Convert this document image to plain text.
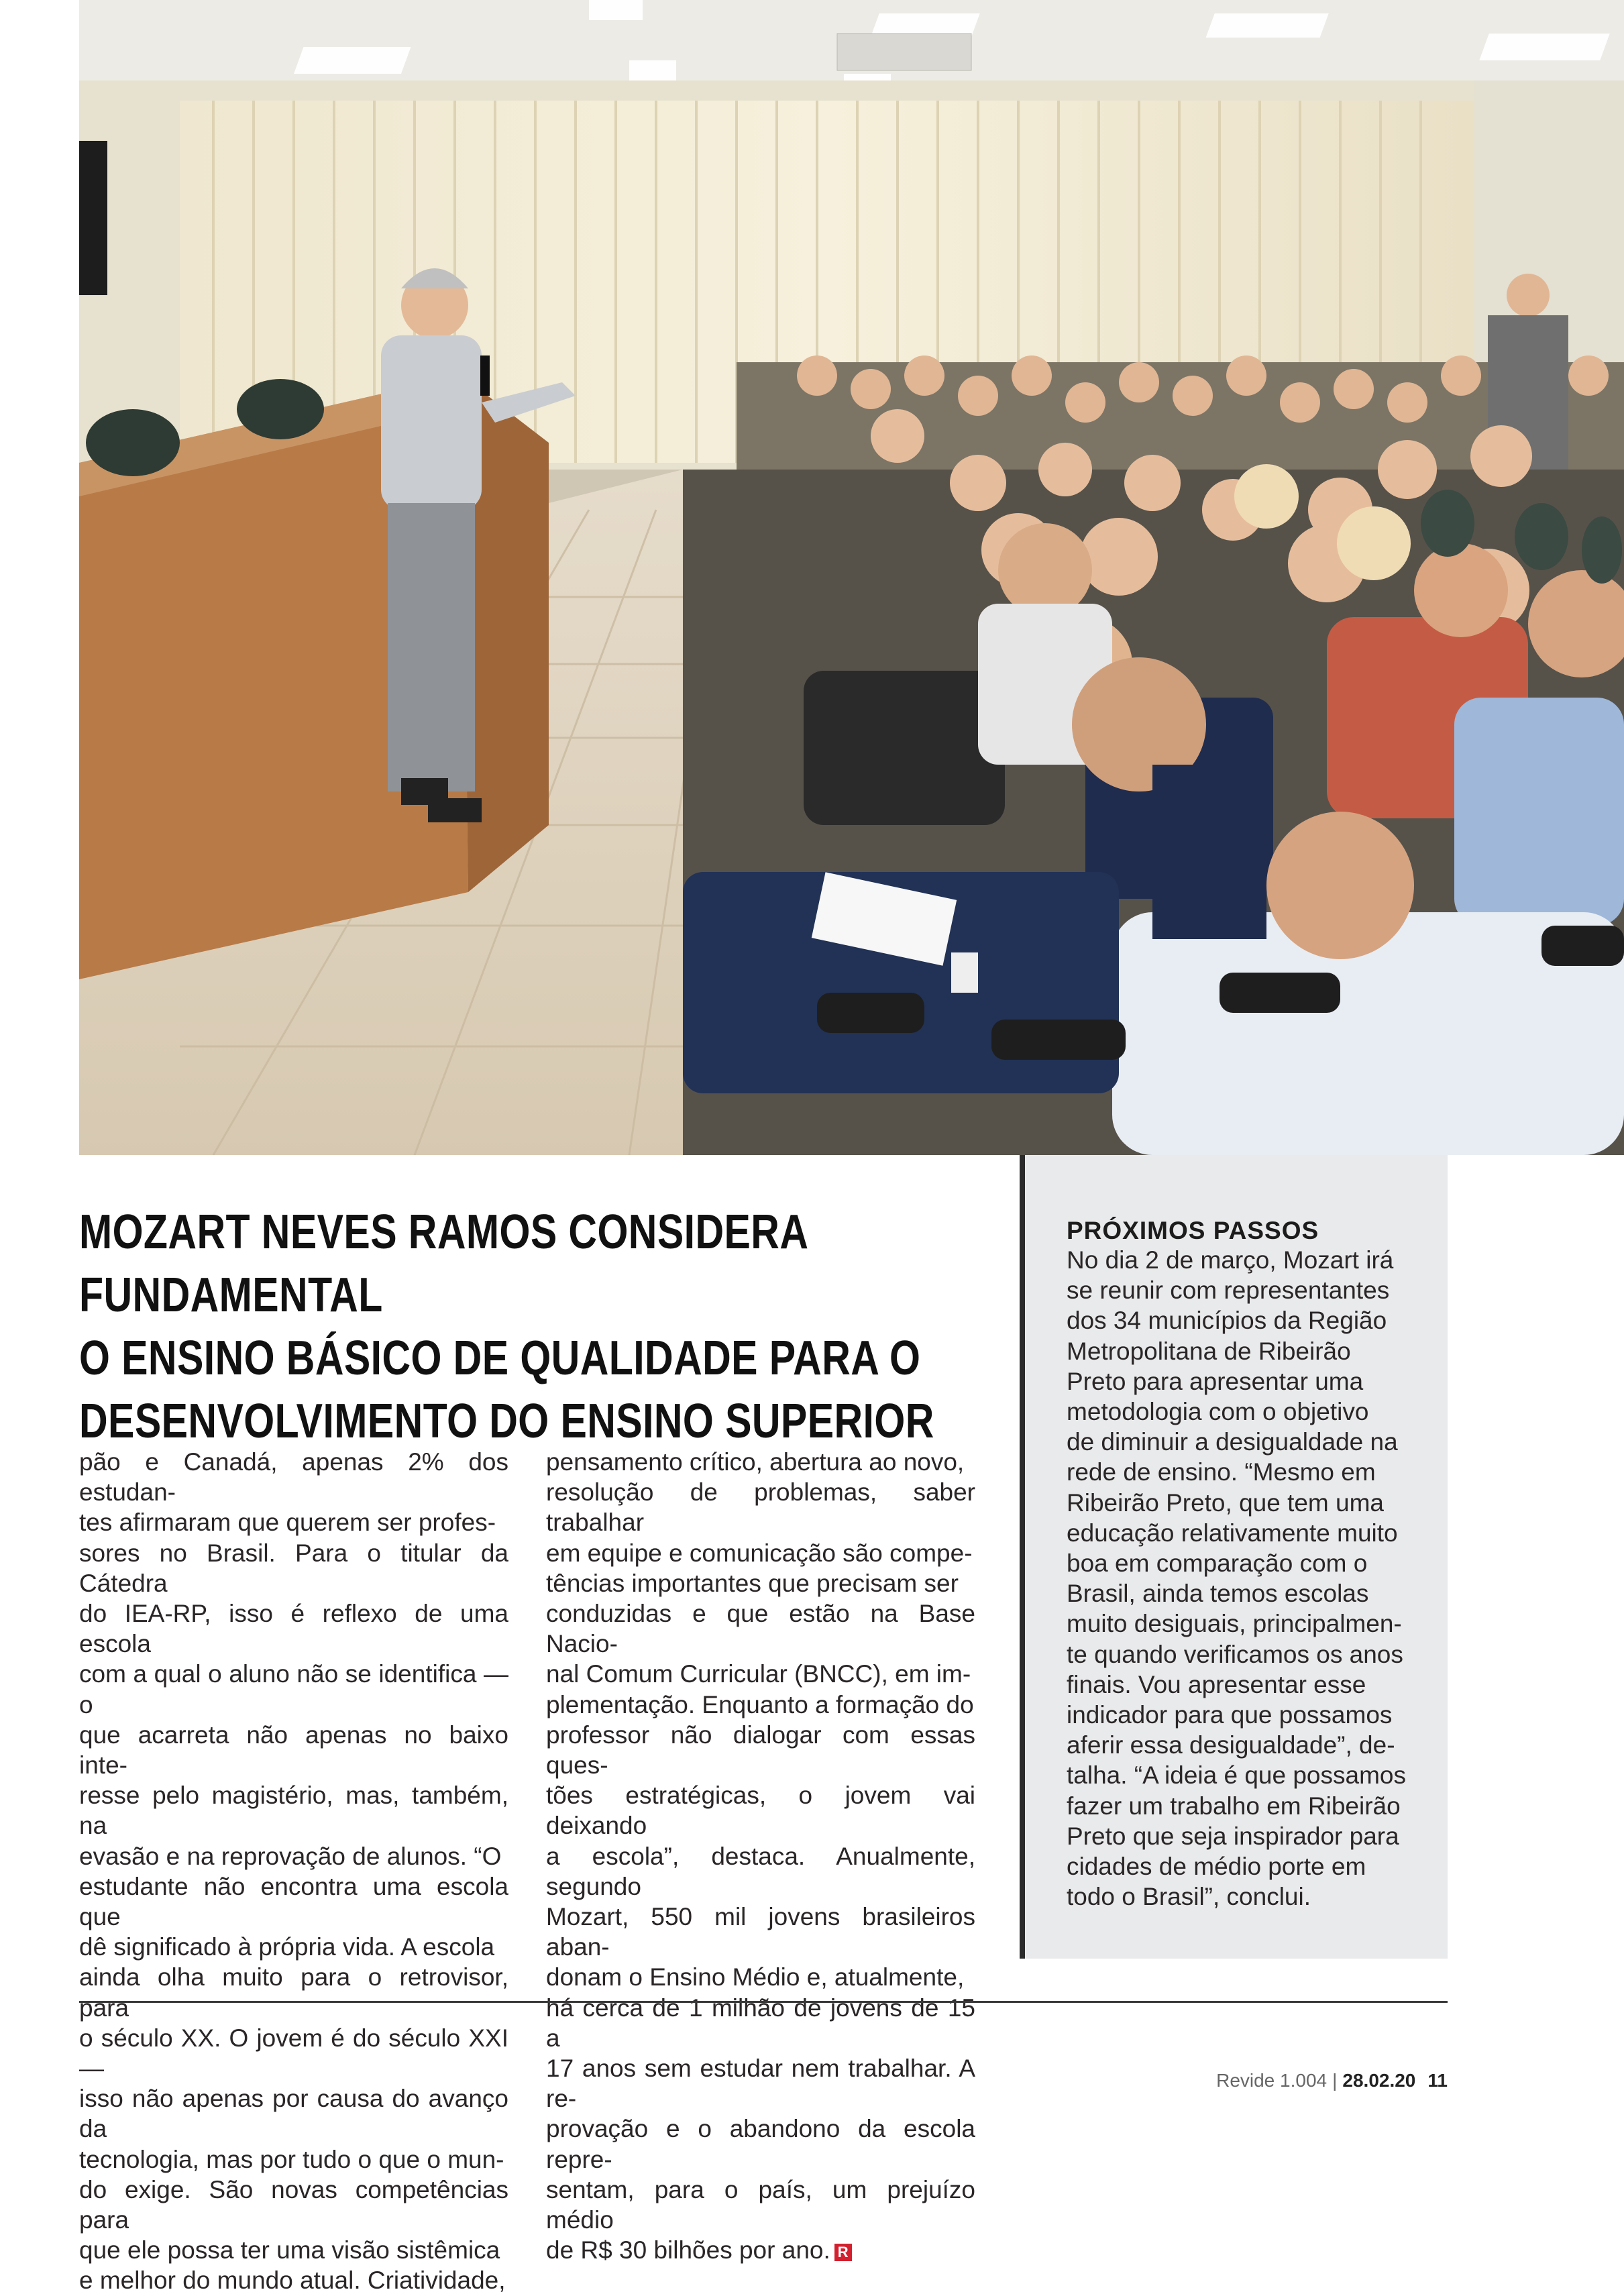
MOZART NEVES RAMOS CONSIDERA FUNDAMENTAL
O ENSINO BÁSICO DE QUALIDADE PARA O
DESENVOLVIMENTO DO ENSINO SUPERIOR
pão e Canadá, apenas 2% dos estudan-
tes afirmaram que querem ser profes-
sores no Brasil. Para o titular da Cátedra
do IEA-RP, isso é reflexo de uma escola
com a qual o aluno não se identifica — o
que acarreta não apenas no baixo inte-
resse pelo magistério, mas, também, na
evasão e na reprovação de alunos. “O
estudante não encontra uma escola que
dê significado à própria vida. A escola
ainda olha muito para o retrovisor, para
o século XX. O jovem é do século XXI —
isso não apenas por causa do avanço da
tecnologia, mas por tudo o que o mun-
do exige. São novas competências para
que ele possa ter uma visão sistêmica
e melhor do mundo atual. Criatividade,
pensamento crítico, abertura ao novo,
resolução de problemas, saber trabalhar
em equipe e comunicação são compe-
tências importantes que precisam ser
conduzidas e que estão na Base Nacio-
nal Comum Curricular (BNCC), em im-
plementação. Enquanto a formação do
professor não dialogar com essas ques-
tões estratégicas, o jovem vai deixando
a escola”, destaca. Anualmente, segundo
Mozart, 550 mil jovens brasileiros aban-
donam o Ensino Médio e, atualmente,
há cerca de 1 milhão de jovens de 15 a
17 anos sem estudar nem trabalhar. A re-
provação e o abandono da escola repre-
sentam, para o país, um prejuízo médio
de R$ 30 bilhões por ano. R
PRÓXIMOS PASSOS
No dia 2 de março, Mozart irá
se reunir com representantes
dos 34 municípios da Região
Metropolitana de Ribeirão
Preto para apresentar uma
metodologia com o objetivo
de diminuir a desigualdade na
rede de ensino. “Mesmo em
Ribeirão Preto, que tem uma
educação relativamente muito
boa em comparação com o
Brasil, ainda temos escolas
muito desiguais, principalmen-
te quando verificamos os anos
finais. Vou apresentar esse
indicador para que possamos
aferir essa desigualdade”, de-
talha. “A ideia é que possamos
fazer um trabalho em Ribeirão
Preto que seja inspirador para
cidades de médio porte em
todo o Brasil”, conclui.
Revide 1.004 | 28.02.20 11
